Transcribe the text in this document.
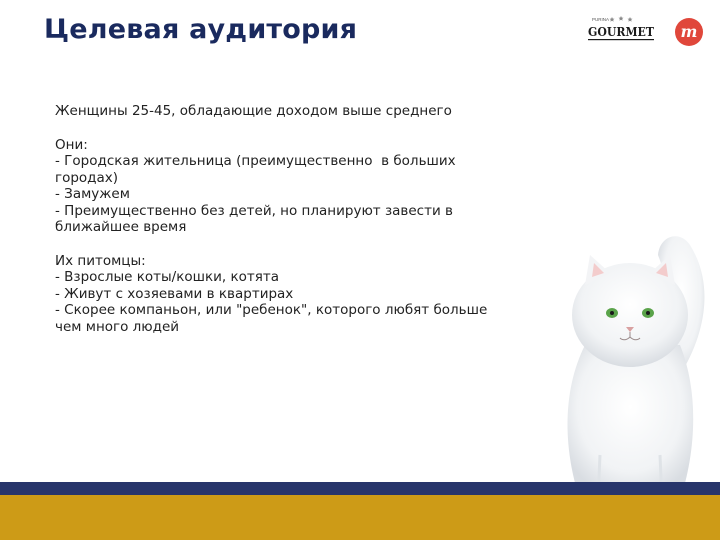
Целевая аудитория	PURINA
GOURMET m
Женщины 25-45, обладающие доходом выше среднего
Они:
- Городская жительница (преимущественно  в больших
городах)
- Замужем
- Преимущественно без детей, но планируют завести в
ближайшее время
Их питомцы:
- Взрослые коты/кошки, котята
- Живут с хозяевами в квартирах
- Скорее компаньон, или "ребенок", которого любят больше
чем много людей
